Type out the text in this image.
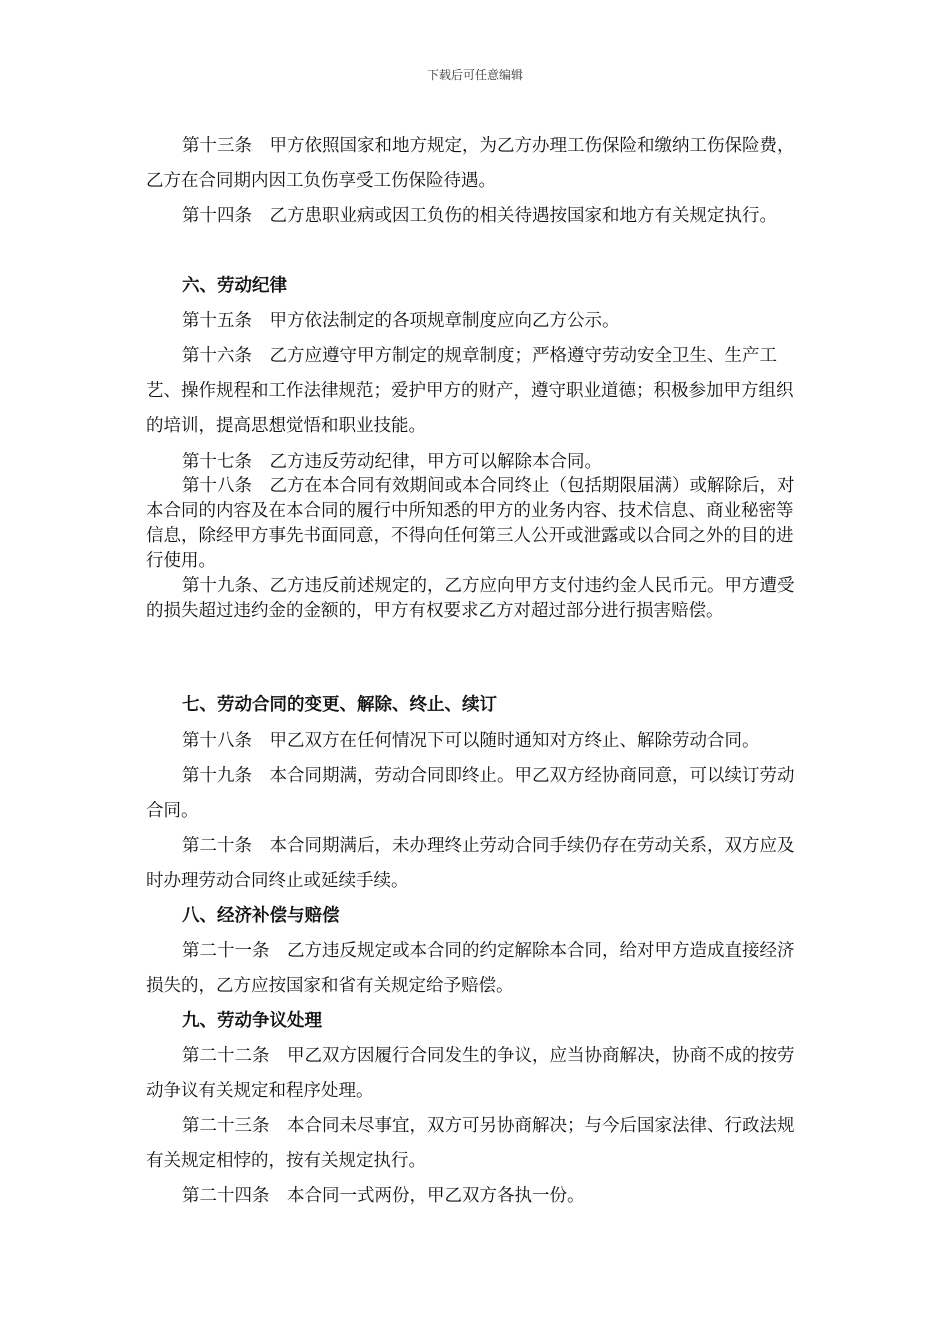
下载后可任意编辑

第十三条　甲方依照国家和地方规定，为乙方办理工伤保险和缴纳工伤保险费，乙方在合同期内因工负伤享受工伤保险待遇。

第十四条　乙方患职业病或因工负伤的相关待遇按国家和地方有关规定执行。

六、劳动纪律

第十五条　甲方依法制定的各项规章制度应向乙方公示。

第十六条　乙方应遵守甲方制定的规章制度；严格遵守劳动安全卫生、生产工艺、操作规程和工作法律规范；爱护甲方的财产，遵守职业道德；积极参加甲方组织的培训，提高思想觉悟和职业技能。

第十七条　乙方违反劳动纪律，甲方可以解除本合同。

第十八条　乙方在本合同有效期间或本合同终止（包括期限届满）或解除后，对本合同的内容及在本合同的履行中所知悉的甲方的业务内容、技术信息、商业秘密等信息，除经甲方事先书面同意，不得向任何第三人公开或泄露或以合同之外的目的进行使用。

第十九条、乙方违反前述规定的，乙方应向甲方支付违约金人民币元。甲方遭受的损失超过违约金的金额的，甲方有权要求乙方对超过部分进行损害赔偿。

七、劳动合同的变更、解除、终止、续订

第十八条　甲乙双方在任何情况下可以随时通知对方终止、解除劳动合同。

第十九条　本合同期满，劳动合同即终止。甲乙双方经协商同意，可以续订劳动合同。

第二十条　本合同期满后，未办理终止劳动合同手续仍存在劳动关系，双方应及时办理劳动合同终止或延续手续。

八、经济补偿与赔偿

第二十一条　乙方违反规定或本合同的约定解除本合同，给对甲方造成直接经济损失的，乙方应按国家和省有关规定给予赔偿。

九、劳动争议处理

第二十二条　甲乙双方因履行合同发生的争议，应当协商解决，协商不成的按劳动争议有关规定和程序处理。

第二十三条　本合同未尽事宜，双方可另协商解决；与今后国家法律、行政法规有关规定相悖的，按有关规定执行。

第二十四条　本合同一式两份，甲乙双方各执一份。
